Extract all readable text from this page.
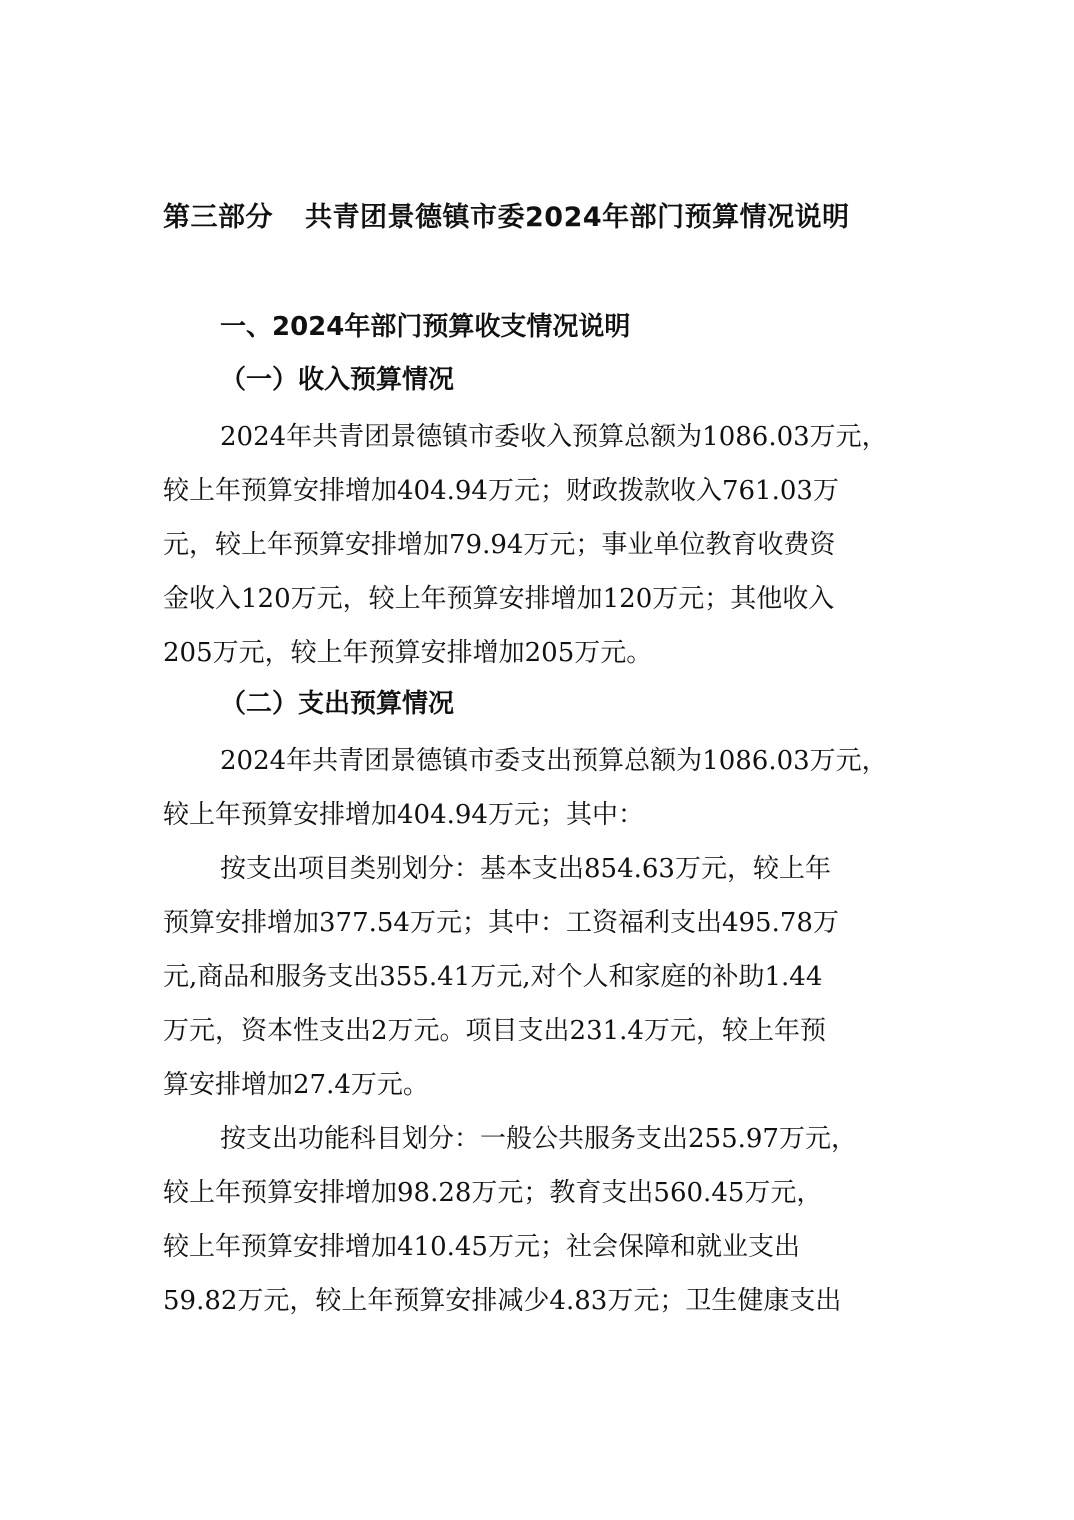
第三部分 共青团景德镇市委2024年部门预算情况说明
一、2024年部门预算收支情况说明
（一）收入预算情况
2024年共青团景德镇市委收入预算总额为1086.03万元，
较上年预算安排增加404.94万元；财政拨款收入761.03万
元，较上年预算安排增加79.94万元；事业单位教育收费资
金收入120万元，较上年预算安排增加120万元；其他收入
205万元，较上年预算安排增加205万元。
（二）支出预算情况
2024年共青团景德镇市委支出预算总额为1086.03万元，
较上年预算安排增加404.94万元；其中：
按支出项目类别划分：基本支出854.63万元，较上年
预算安排增加377.54万元；其中：工资福利支出495.78万
元,商品和服务支出355.41万元,对个人和家庭的补助1.44
万元，资本性支出2万元。项目支出231.4万元，较上年预
算安排增加27.4万元。
按支出功能科目划分：一般公共服务支出255.97万元，
较上年预算安排增加98.28万元；教育支出560.45万元，
较上年预算安排增加410.45万元；社会保障和就业支出
59.82万元，较上年预算安排减少4.83万元；卫生健康支出
